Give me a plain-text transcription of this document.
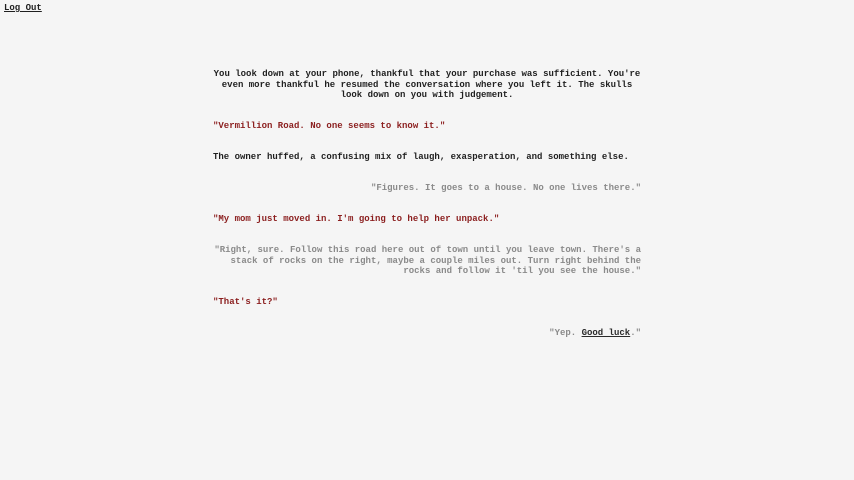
Log Out

You look down at your phone, thankful that your purchase was sufficient. You're even more thankful he resumed the conversation where you left it. The skulls look down on you with judgement.

"Vermillion Road. No one seems to know it."

The owner huffed, a confusing mix of laugh, exasperation, and something else.

"Figures. It goes to a house. No one lives there."

"My mom just moved in. I'm going to help her unpack."

"Right, sure. Follow this road here out of town until you leave town. There's a stack of rocks on the right, maybe a couple miles out. Turn right behind the rocks and follow it 'til you see the house."

"That's it?"

"Yep. Good luck."
